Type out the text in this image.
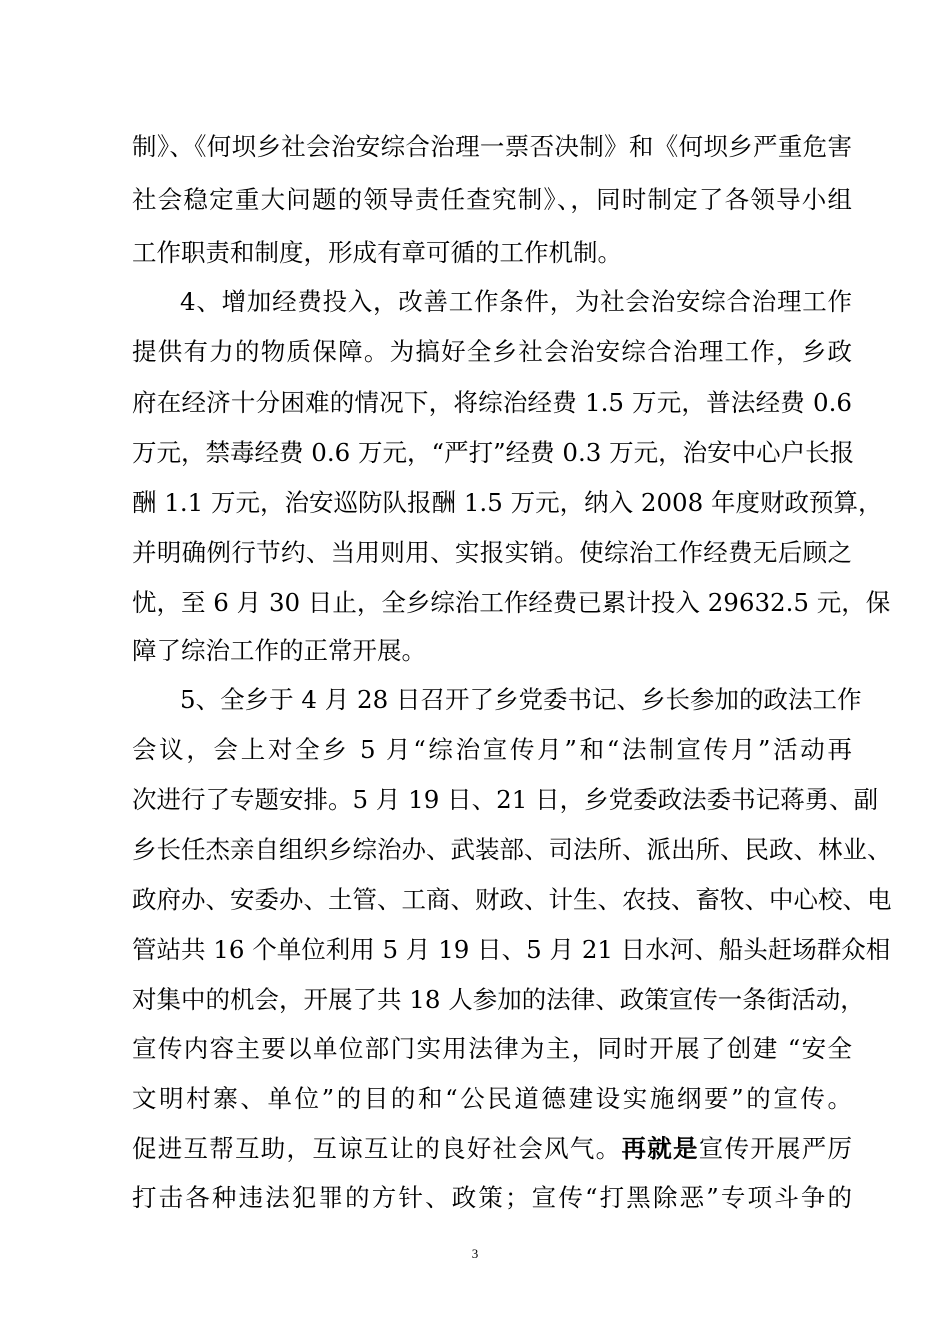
制》、《何坝乡社会治安综合治理一票否决制》和《何坝乡严重危害
社会稳定重大问题的领导责任查究制》、，同时制定了各领导小组
工作职责和制度，形成有章可循的工作机制。
4、增加经费投入，改善工作条件，为社会治安综合治理工作
提供有力的物质保障。为搞好全乡社会治安综合治理工作，乡政
府在经济十分困难的情况下，将综治经费 1.5 万元，普法经费 0.6
万元，禁毒经费 0.6 万元，“严打”经费 0.3 万元，治安中心户长报
酬 1.1 万元，治安巡防队报酬 1.5 万元，纳入 2008 年度财政预算，
并明确例行节约、当用则用、实报实销。使综治工作经费无后顾之
忧，至 6 月 30 日止，全乡综治工作经费已累计投入 29632.5 元，保
障了综治工作的正常开展。
5、全乡于 4 月 28 日召开了乡党委书记、乡长参加的政法工作
会议，会上对全乡 5 月“综治宣传月”和“法制宣传月”活动再
次进行了专题安排。5 月 19 日、21 日，乡党委政法委书记蒋勇、副
乡长任杰亲自组织乡综治办、武装部、司法所、派出所、民政、林业、
政府办、安委办、土管、工商、财政、计生、农技、畜牧、中心校、电
管站共 16 个单位利用 5 月 19 日、5 月 21 日水河、船头赶场群众相
对集中的机会，开展了共 18 人参加的法律、政策宣传一条街活动，
宣传内容主要以单位部门实用法律为主，同时开展了创建 “安全
文明村寨、单位”的目的和“公民道德建设实施纲要”的宣传。
促进互帮互助，互谅互让的良好社会风气。再就是宣传开展严厉
打击各种违法犯罪的方针、政策；宣传“打黑除恶”专项斗争的
3
